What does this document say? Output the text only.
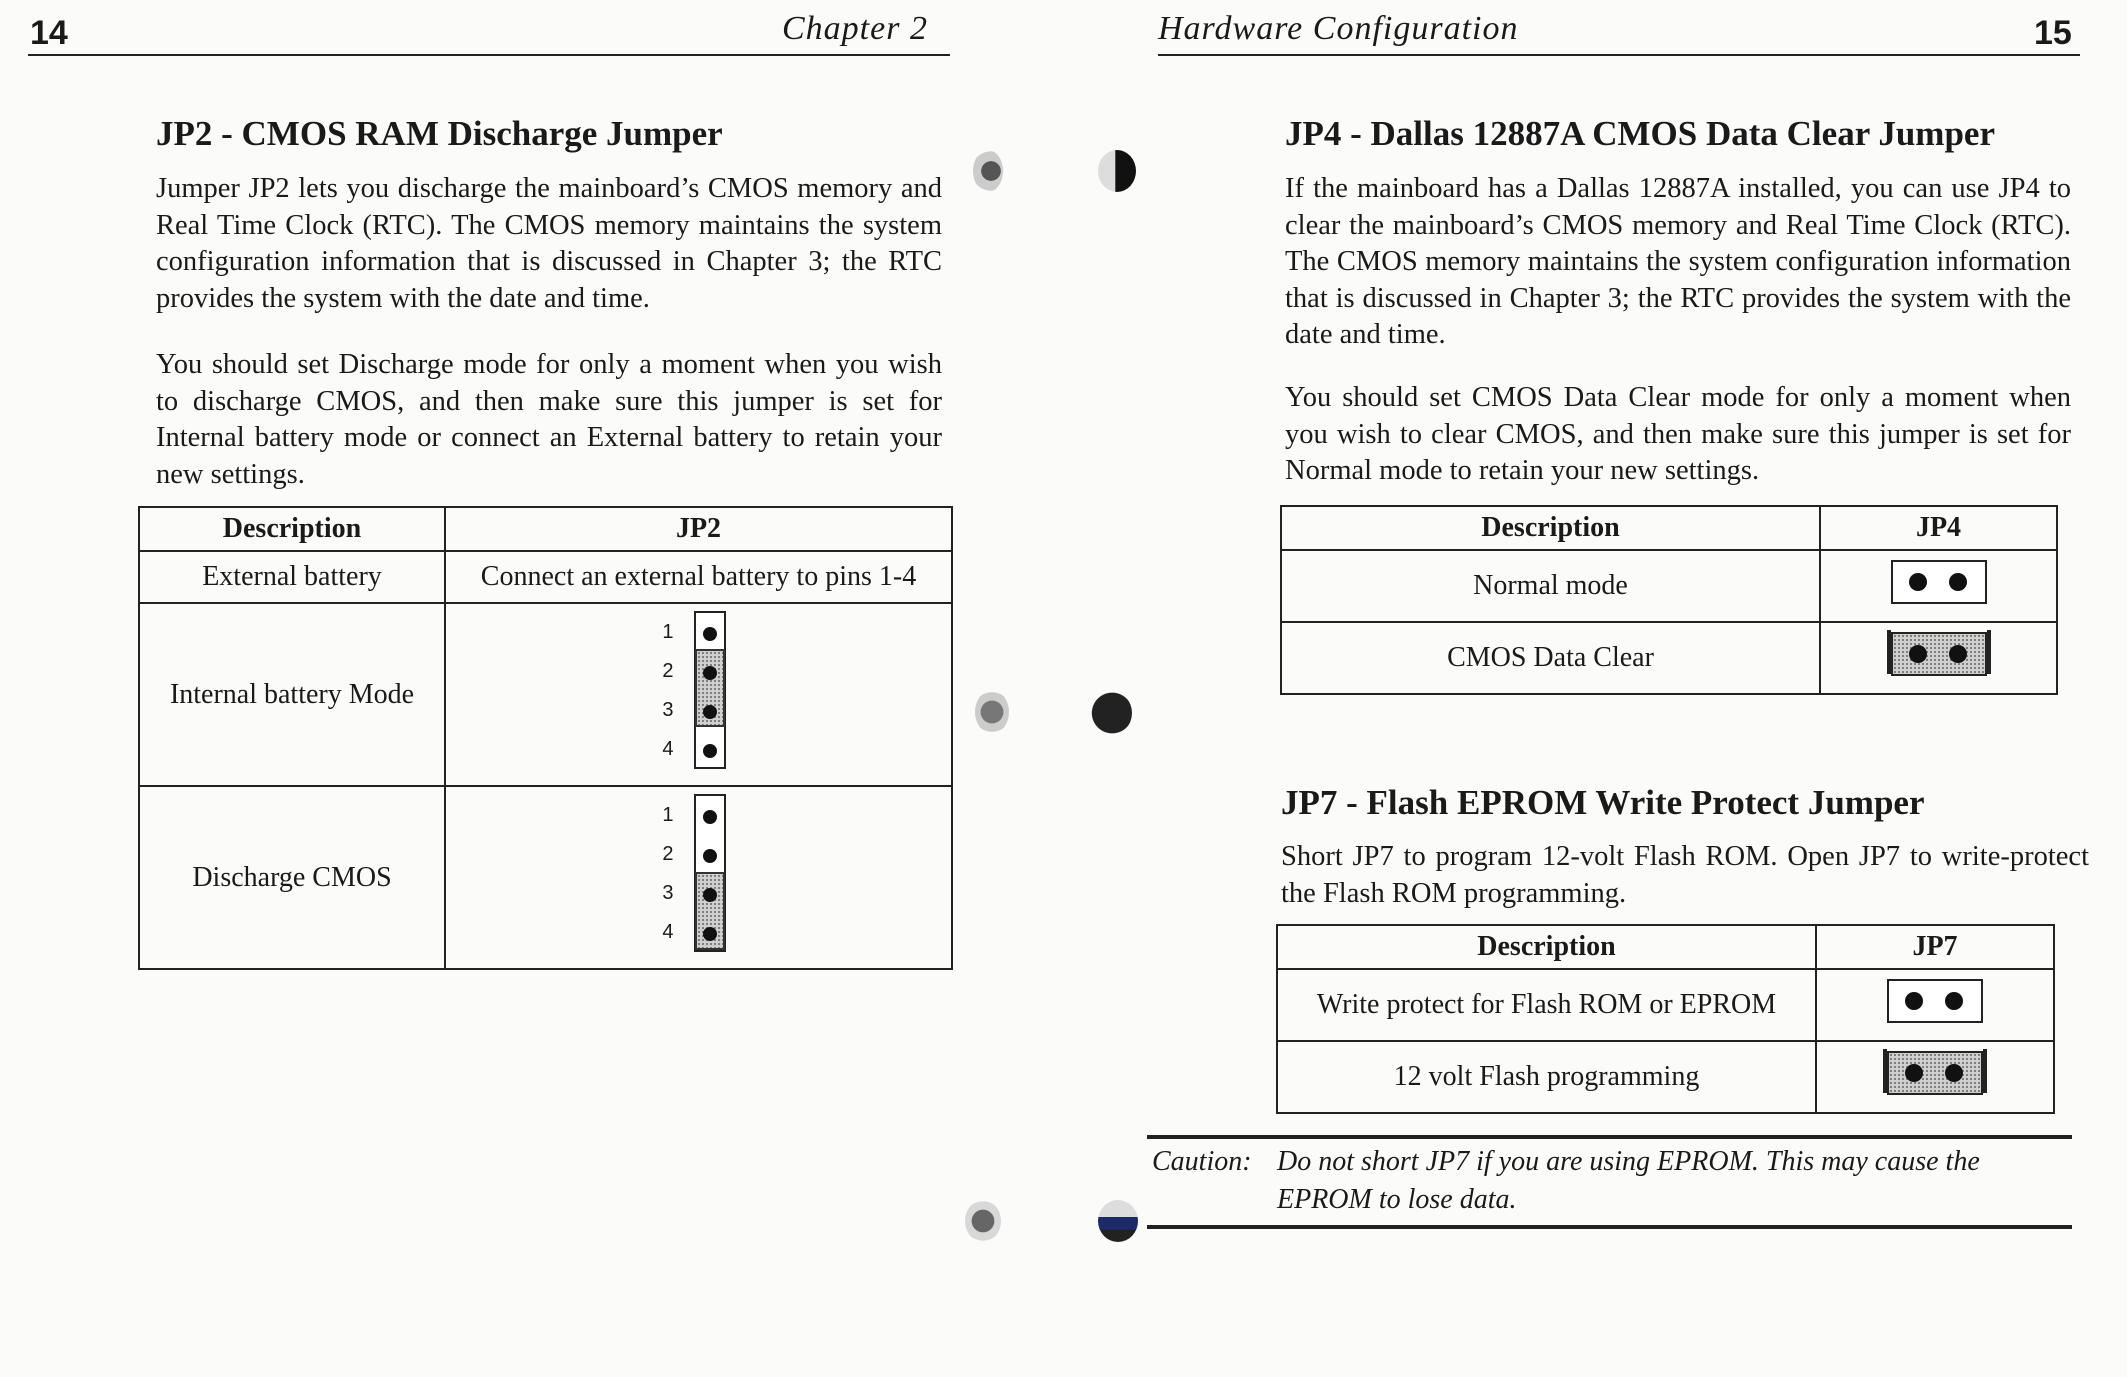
14	Chapter 2
JP2 - CMOS RAM Discharge Jumper

Jumper JP2 lets you discharge the mainboard’s CMOS memory and Real Time Clock (RTC). The CMOS memory maintains the system configuration information that is discussed in Chapter 3; the RTC provides the system with the date and time.

You should set Discharge mode for only a moment when you wish to discharge CMOS, and then make sure this jumper is set for Internal battery mode or connect an External battery to retain your new settings.

Description	JP2
External battery	Connect an external battery to pins 1-4
Internal battery Mode	1
2
3
4

Discharge CMOS	1
2
3
4
Hardware Configuration	15
JP4 - Dallas 12887A CMOS Data Clear Jumper

If the mainboard has a Dallas 12887A installed, you can use JP4 to clear the mainboard’s CMOS memory and Real Time Clock (RTC). The CMOS memory maintains the system configuration information that is discussed in Chapter 3; the RTC provides the system with the date and time.

You should set CMOS Data Clear mode for only a moment when you wish to clear CMOS, and then make sure this jumper is set for Normal mode to retain your new settings.

Description	JP4
Normal mode	

CMOS Data Clear	
JP7 - Flash EPROM Write Protect Jumper

Short JP7 to program 12-volt Flash ROM. Open JP7 to write-protect the Flash ROM programming.

Description	JP7
Write protect for Flash ROM or EPROM	

12 volt Flash programming	
Caution: Do not short JP7 if you are using EPROM. This may cause the EPROM to lose data.
